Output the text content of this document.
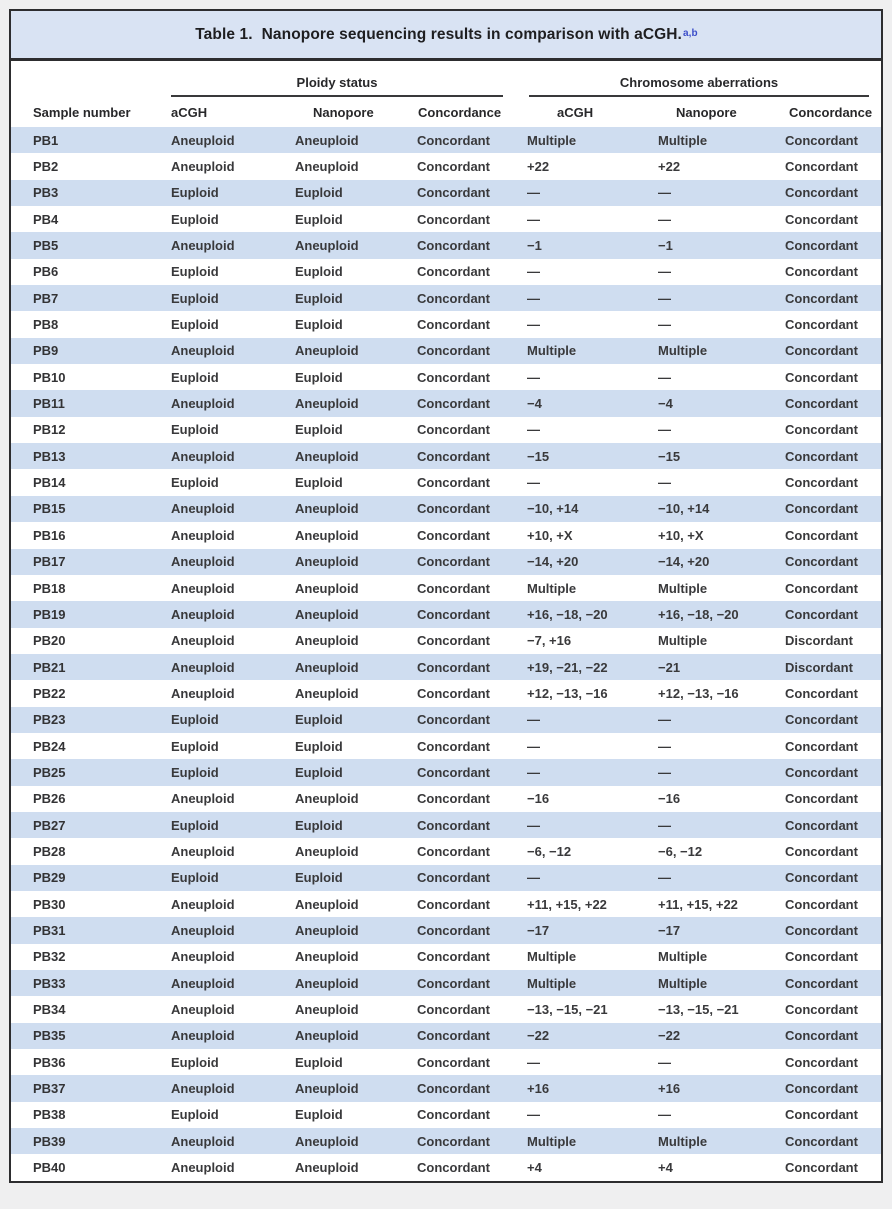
Table 1. Nanopore sequencing results in comparison with aCGH.$^{a,b}$

	Ploidy status			Chromosome aberrations		

Sample number	aCGH	Nanopore	Concordance	aCGH	Nanopore	Concordance
PB1	Aneuploid	Aneuploid	Concordant	Multiple	Multiple	Concordant
PB2	Aneuploid	Aneuploid	Concordant	+22	+22	Concordant
PB3	Euploid	Euploid	Concordant	—	—	Concordant
PB4	Euploid	Euploid	Concordant	—	—	Concordant
PB5	Aneuploid	Aneuploid	Concordant	−1	−1	Concordant
PB6	Euploid	Euploid	Concordant	—	—	Concordant
PB7	Euploid	Euploid	Concordant	—	—	Concordant
PB8	Euploid	Euploid	Concordant	—	—	Concordant
PB9	Aneuploid	Aneuploid	Concordant	Multiple	Multiple	Concordant
PB10	Euploid	Euploid	Concordant	—	—	Concordant
PB11	Aneuploid	Aneuploid	Concordant	−4	−4	Concordant
PB12	Euploid	Euploid	Concordant	—	—	Concordant
PB13	Aneuploid	Aneuploid	Concordant	−15	−15	Concordant
PB14	Euploid	Euploid	Concordant	—	—	Concordant
PB15	Aneuploid	Aneuploid	Concordant	−10, +14	−10, +14	Concordant
PB16	Aneuploid	Aneuploid	Concordant	+10, +X	+10, +X	Concordant
PB17	Aneuploid	Aneuploid	Concordant	−14, +20	−14, +20	Concordant
PB18	Aneuploid	Aneuploid	Concordant	Multiple	Multiple	Concordant
PB19	Aneuploid	Aneuploid	Concordant	+16, −18, −20	+16, −18, −20	Concordant
PB20	Aneuploid	Aneuploid	Concordant	−7, +16	Multiple	Discordant
PB21	Aneuploid	Aneuploid	Concordant	+19, −21, −22	−21	Discordant
PB22	Aneuploid	Aneuploid	Concordant	+12, −13, −16	+12, −13, −16	Concordant
PB23	Euploid	Euploid	Concordant	—	—	Concordant
PB24	Euploid	Euploid	Concordant	—	—	Concordant
PB25	Euploid	Euploid	Concordant	—	—	Concordant
PB26	Aneuploid	Aneuploid	Concordant	−16	−16	Concordant
PB27	Euploid	Euploid	Concordant	—	—	Concordant
PB28	Aneuploid	Aneuploid	Concordant	−6, −12	−6, −12	Concordant
PB29	Euploid	Euploid	Concordant	—	—	Concordant
PB30	Aneuploid	Aneuploid	Concordant	+11, +15, +22	+11, +15, +22	Concordant
PB31	Aneuploid	Aneuploid	Concordant	−17	−17	Concordant
PB32	Aneuploid	Aneuploid	Concordant	Multiple	Multiple	Concordant
PB33	Aneuploid	Aneuploid	Concordant	Multiple	Multiple	Concordant
PB34	Aneuploid	Aneuploid	Concordant	−13, −15, −21	−13, −15, −21	Concordant
PB35	Aneuploid	Aneuploid	Concordant	−22	−22	Concordant
PB36	Euploid	Euploid	Concordant	—	—	Concordant
PB37	Aneuploid	Aneuploid	Concordant	+16	+16	Concordant
PB38	Euploid	Euploid	Concordant	—	—	Concordant
PB39	Aneuploid	Aneuploid	Concordant	Multiple	Multiple	Concordant
PB40	Aneuploid	Aneuploid	Concordant	+4	+4	Concordant
